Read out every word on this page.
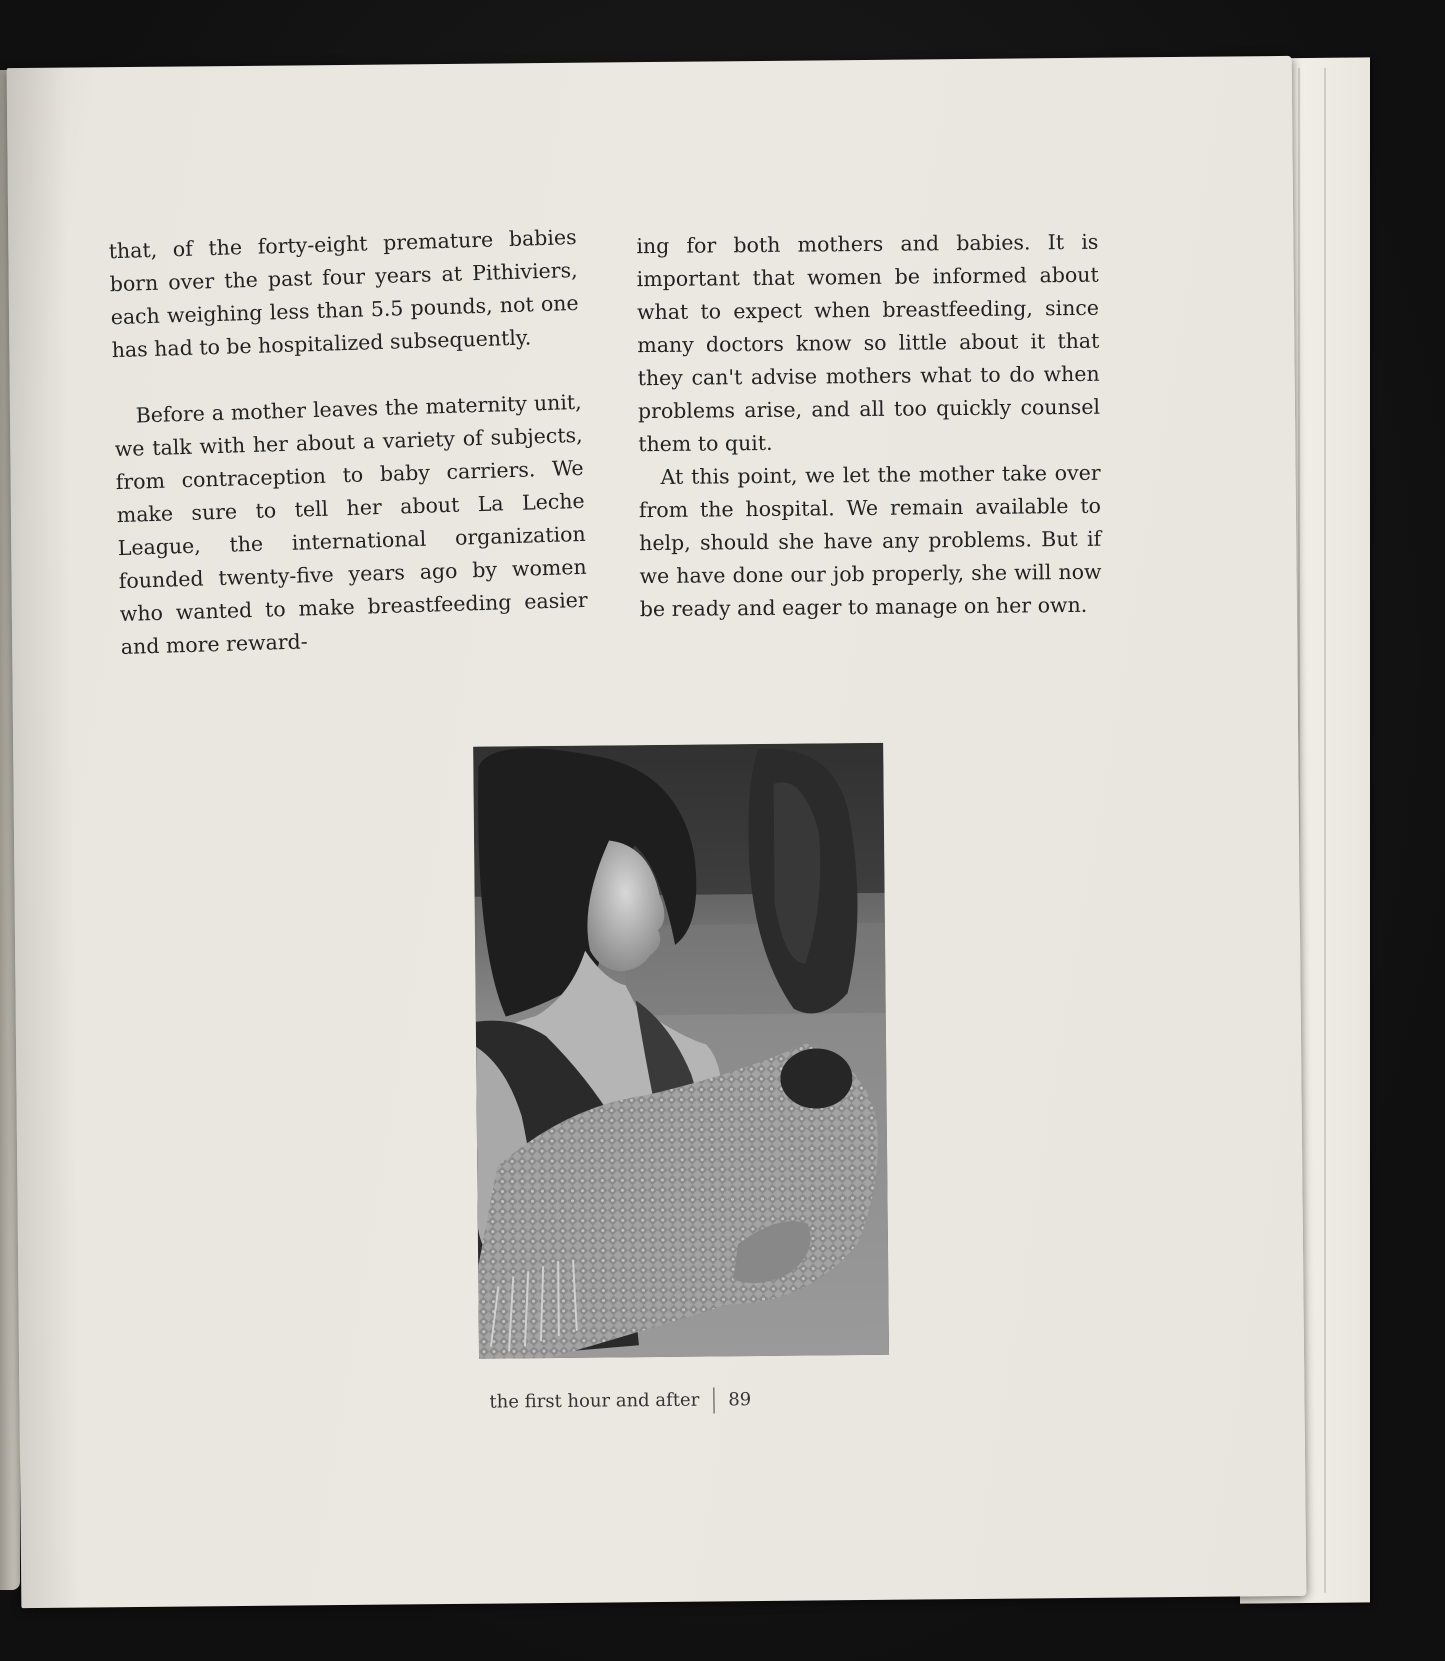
that, of the forty-eight premature babies born over the past four years at Pithiviers, each weighing less than 5.5 pounds, not one has had to be hospitalized subsequently.

Before a mother leaves the maternity unit, we talk with her about a variety of subjects, from contraception to baby carriers. We make sure to tell her about La Leche League, the international organization founded twenty-five years ago by women who wanted to make breastfeeding easier and more reward-

ing for both mothers and babies. It is important that women be informed about what to expect when breastfeeding, since many doctors know so little about it that they can't advise mothers what to do when problems arise, and all too quickly counsel them to quit.

At this point, we let the mother take over from the hospital. We remain available to help, should she have any problems. But if we have done our job properly, she will now be ready and eager to manage on her own.

the first hour and after 89
